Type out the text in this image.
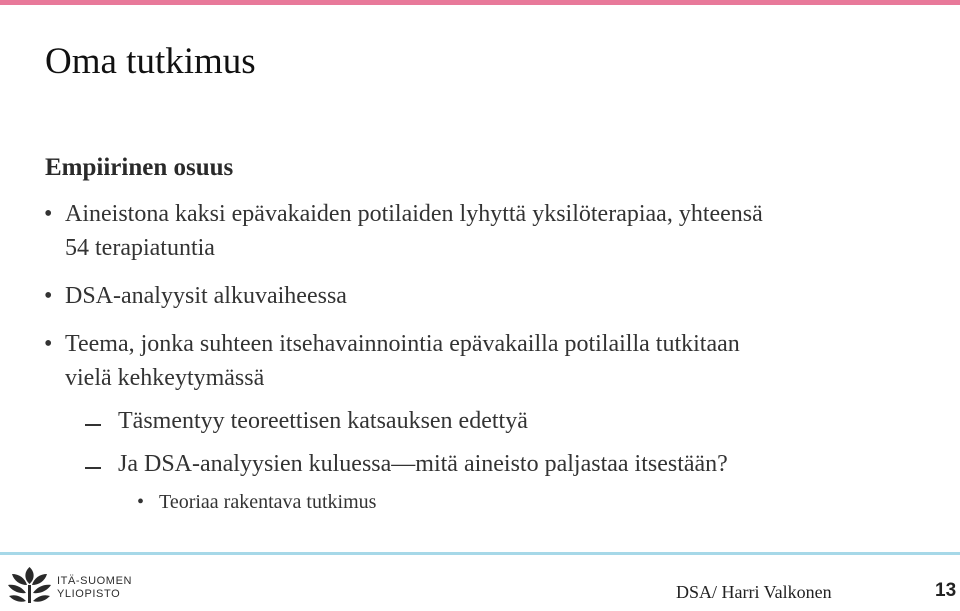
Oma tutkimus
Empiirinen osuus
• Aineistona kaksi epävakaiden potilaiden lyhyttä yksilöterapiaa, yhteensä
54 terapiatuntia
• DSA-analyysit alkuvaiheessa
• Teema, jonka suhteen itsehavainnointia epävakailla potilailla tutkitaan
vielä kehkeytymässä
Täsmentyy teoreettisen katsauksen edettyä
Ja DSA-analyysien kuluessa—mitä aineisto paljastaa itsestään?
• Teoriaa rakentava tutkimus
ITÄ-SUOMEN
YLIOPISTO	DSA/ Harri Valkonen	13
